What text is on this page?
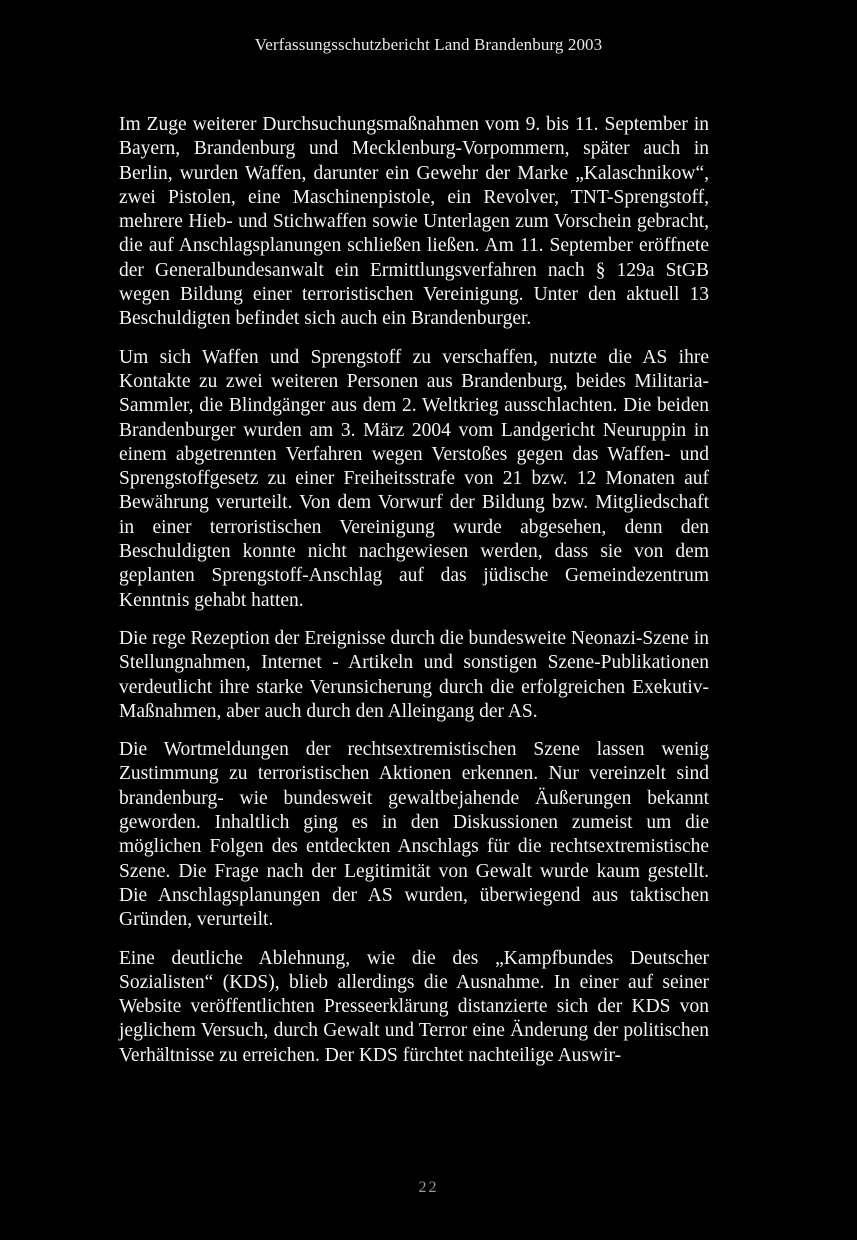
Verfassungsschutzbericht Land Brandenburg 2003

Im Zuge weiterer Durchsuchungsmaßnahmen vom 9. bis 11. September in Bayern, Brandenburg und Mecklenburg-Vorpommern, später auch in Berlin, wurden Waffen, darunter ein Gewehr der Marke „Kalaschnikow“, zwei Pistolen, eine Maschinenpistole, ein Revolver, TNT-Sprengstoff, mehrere Hieb- und Stichwaffen sowie Unterlagen zum Vorschein gebracht, die auf Anschlagsplanungen schließen ließen. Am 11. September eröffnete der Generalbundesanwalt ein Ermittlungsverfahren nach § 129a StGB wegen Bildung einer terroristischen Vereinigung. Unter den aktuell 13 Beschuldigten befindet sich auch ein Brandenburger.

Um sich Waffen und Sprengstoff zu verschaffen, nutzte die AS ihre Kontakte zu zwei weiteren Personen aus Brandenburg, beides Militaria-Sammler, die Blindgänger aus dem 2. Weltkrieg ausschlachten. Die beiden Brandenburger wurden am 3. März 2004 vom Landgericht Neuruppin in einem abgetrennten Verfahren wegen Verstoßes gegen das Waffen- und Sprengstoffgesetz zu einer Freiheitsstrafe von 21 bzw. 12 Monaten auf Bewährung verurteilt. Von dem Vorwurf der Bildung bzw. Mitgliedschaft in einer terroristischen Vereinigung wurde abgesehen, denn den Beschuldigten konnte nicht nachgewiesen werden, dass sie von dem geplanten Sprengstoff-Anschlag auf das jüdische Gemeindezentrum Kenntnis gehabt hatten.

Die rege Rezeption der Ereignisse durch die bundesweite Neonazi-Szene in Stellungnahmen, Internet - Artikeln und sonstigen Szene-Publikationen verdeutlicht ihre starke Verunsicherung durch die erfolgreichen Exekutiv-Maßnahmen, aber auch durch den Alleingang der AS.

Die Wortmeldungen der rechtsextremistischen Szene lassen wenig Zustimmung zu terroristischen Aktionen erkennen. Nur vereinzelt sind brandenburg- wie bundesweit gewaltbejahende Äußerungen bekannt geworden. Inhaltlich ging es in den Diskussionen zumeist um die möglichen Folgen des entdeckten Anschlags für die rechtsextremistische Szene. Die Frage nach der Legitimität von Gewalt wurde kaum gestellt. Die Anschlagsplanungen der AS wurden, überwiegend aus taktischen Gründen, verurteilt.

Eine deutliche Ablehnung, wie die des „Kampfbundes Deutscher Sozialisten“ (KDS), blieb allerdings die Ausnahme. In einer auf seiner Website veröffentlichten Presseerklärung distanzierte sich der KDS von jeglichem Versuch, durch Gewalt und Terror eine Änderung der politischen Verhältnisse zu erreichen. Der KDS fürchtet nachteilige Auswir-

22
